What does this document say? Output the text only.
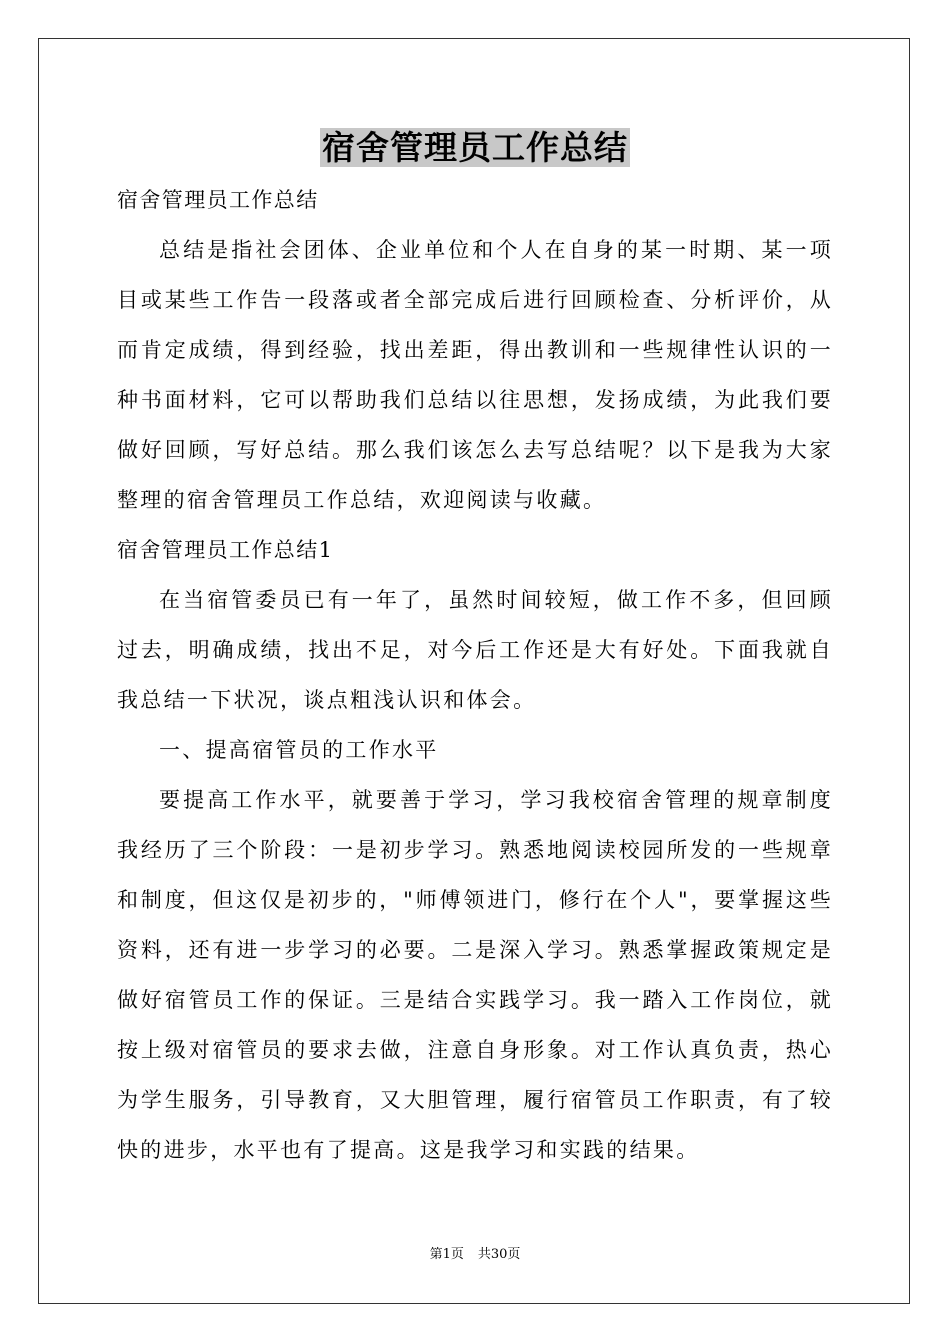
宿舍管理员工作总结

宿舍管理员工作总结

总结是指社会团体、企业单位和个人在自身的某一时期、某一项目或某些工作告一段落或者全部完成后进行回顾检查、分析评价，从而肯定成绩，得到经验，找出差距，得出教训和一些规律性认识的一种书面材料，它可以帮助我们总结以往思想，发扬成绩，为此我们要做好回顾，写好总结。那么我们该怎么去写总结呢？以下是我为大家整理的宿舍管理员工作总结，欢迎阅读与收藏。

宿舍管理员工作总结1

在当宿管委员已有一年了，虽然时间较短，做工作不多，但回顾过去，明确成绩，找出不足，对今后工作还是大有好处。下面我就自我总结一下状况，谈点粗浅认识和体会。

一、提高宿管员的工作水平

要提高工作水平，就要善于学习，学习我校宿舍管理的规章制度我经历了三个阶段：一是初步学习。熟悉地阅读校园所发的一些规章和制度，但这仅是初步的，"师傅领进门，修行在个人"，要掌握这些资料，还有进一步学习的必要。二是深入学习。熟悉掌握政策规定是做好宿管员工作的保证。三是结合实践学习。我一踏入工作岗位，就按上级对宿管员的要求去做，注意自身形象。对工作认真负责，热心为学生服务，引导教育，又大胆管理，履行宿管员工作职责，有了较快的进步，水平也有了提高。这是我学习和实践的结果。

第1页 共30页
